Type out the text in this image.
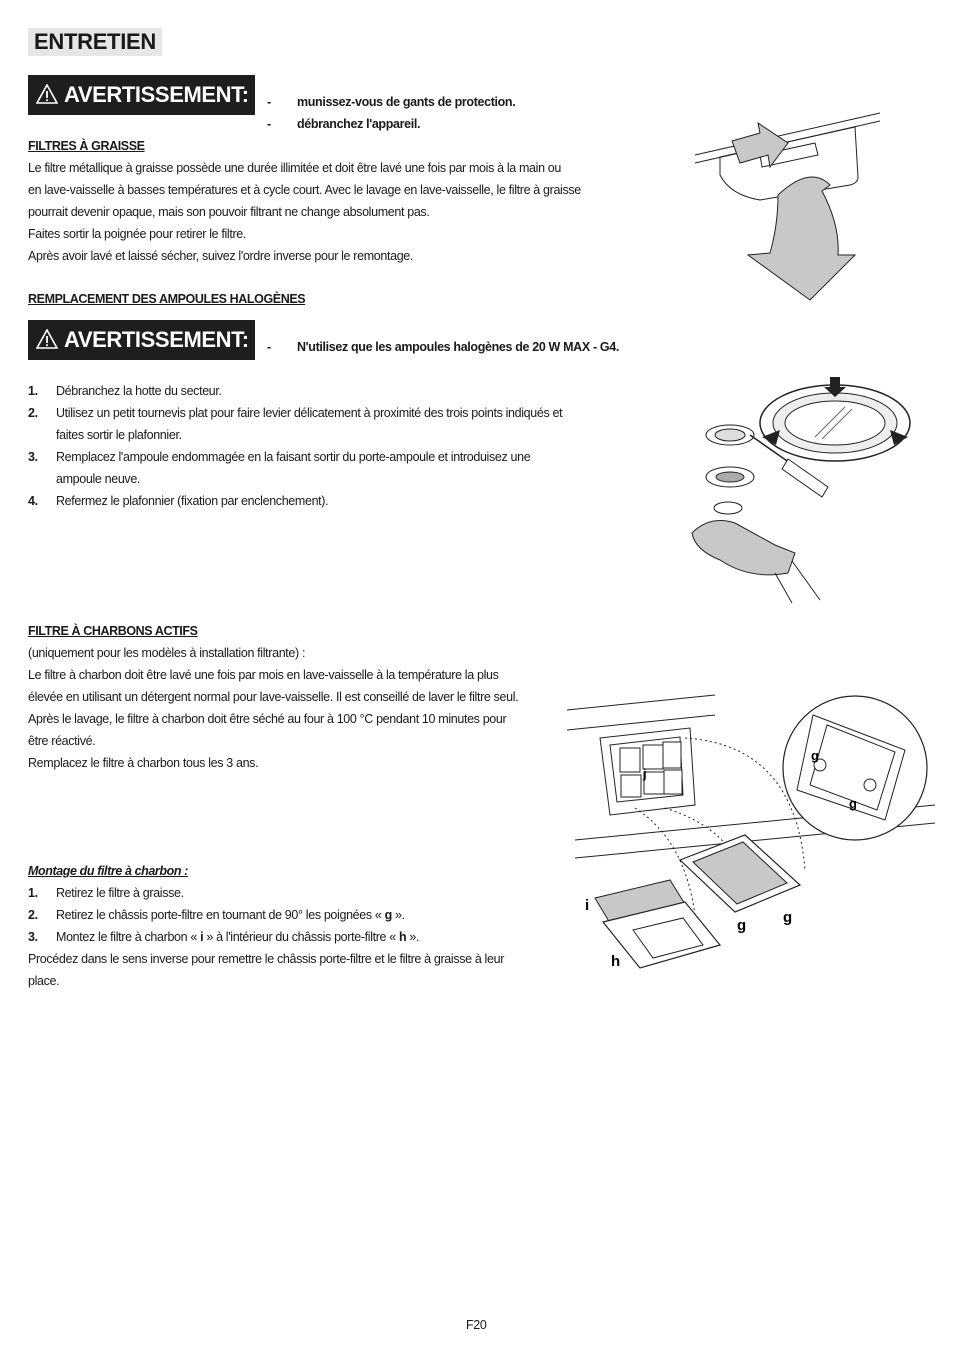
ENTRETIEN
AVERTISSEMENT:	- munissez-vous de gants de protection.
- débranchez l'appareil.
FILTRES À GRAISSE
Le filtre métallique à graisse possède une durée illimitée et doit être lavé une fois par mois à la main ou
en lave-vaisselle à basses températures et à cycle court. Avec le lavage en lave-vaisselle, le filtre à graisse
pourrait devenir opaque, mais son pouvoir filtrant ne change absolument pas.
Faites sortir la poignée pour retirer le filtre.
Après avoir lavé et laissé sécher, suivez l'ordre inverse pour le remontage.
REMPLACEMENT DES AMPOULES HALOGÈNES
AVERTISSEMENT:	- N'utilisez que les ampoules halogènes de 20 W MAX - G4.
1. Débranchez la hotte du secteur.
2. Utilisez un petit tournevis plat pour faire levier délicatement à proximité des trois points indiqués et
faites sortir le plafonnier.
3. Remplacez l'ampoule endommagée en la faisant sortir du porte-ampoule et introduisez une
ampoule neuve.
4. Refermez le plafonnier (fixation par enclenchement).
FILTRE À CHARBONS ACTIFS
(uniquement pour les modèles à installation filtrante) :
Le filtre à charbon doit être lavé une fois par mois en lave-vaisselle à la température la plus
élevée en utilisant un détergent normal pour lave-vaisselle. Il est conseillé de laver le filtre seul.
Après le lavage, le filtre à charbon doit être séché au four à 100 °C pendant 10 minutes pour
être réactivé.
Remplacez le filtre à charbon tous les 3 ans.
j
g
g
i
g g
h
Montage du filtre à charbon :
1. Retirez le filtre à graisse.
2. Retirez le châssis porte-filtre en tournant de 90° les poignées « g ».
3. Montez le filtre à charbon « i » à l'intérieur du châssis porte-filtre « h ».
Procédez dans le sens inverse pour remettre le châssis porte-filtre et le filtre à graisse à leur
place.
F20
